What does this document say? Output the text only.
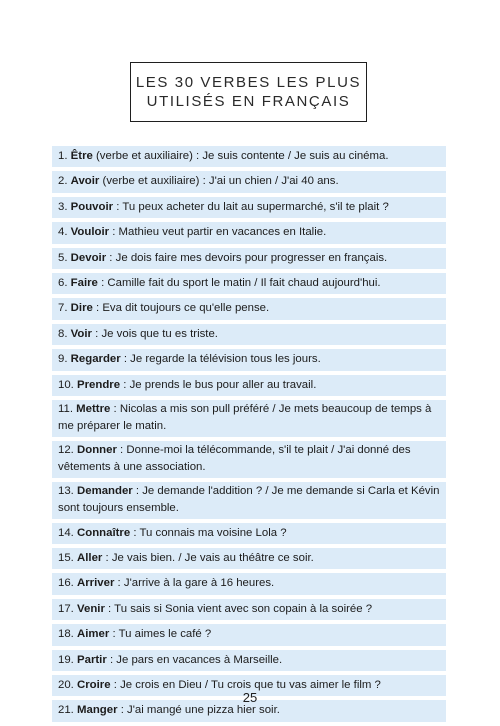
LES 30 VERBES LES PLUS
UTILISÉS EN FRANÇAIS
1. Être (verbe et auxiliaire) : Je suis contente / Je suis au cinéma.
2. Avoir (verbe et auxiliaire) : J'ai un chien / J'ai 40 ans.
3. Pouvoir : Tu peux acheter du lait au supermarché, s'il te plait ?
4. Vouloir : Mathieu veut partir en vacances en Italie.
5. Devoir : Je dois faire mes devoirs pour progresser en français.
6. Faire : Camille fait du sport le matin / Il fait chaud aujourd'hui.
7. Dire : Eva dit toujours ce qu'elle pense.
8. Voir : Je vois que tu es triste.
9. Regarder : Je regarde la télévision tous les jours.
10. Prendre : Je prends le bus pour aller au travail.
11. Mettre : Nicolas a mis son pull préféré / Je mets beaucoup de temps à me préparer le matin.
12. Donner : Donne-moi la télécommande, s'il te plait / J'ai donné des vêtements à une association.
13. Demander : Je demande l'addition ? / Je me demande si Carla et Kévin sont toujours ensemble.
14. Connaître : Tu connais ma voisine Lola ?
15. Aller : Je vais bien. / Je vais au théâtre ce soir.
16. Arriver : J'arrive à la gare à 16 heures.
17. Venir : Tu sais si Sonia vient avec son copain à la soirée ?
18. Aimer : Tu aimes le café ?
19. Partir : Je pars en vacances à Marseille.
20. Croire : Je crois en Dieu / Tu crois que tu vas aimer le film ?
21. Manger : J'ai mangé une pizza hier soir.
25
